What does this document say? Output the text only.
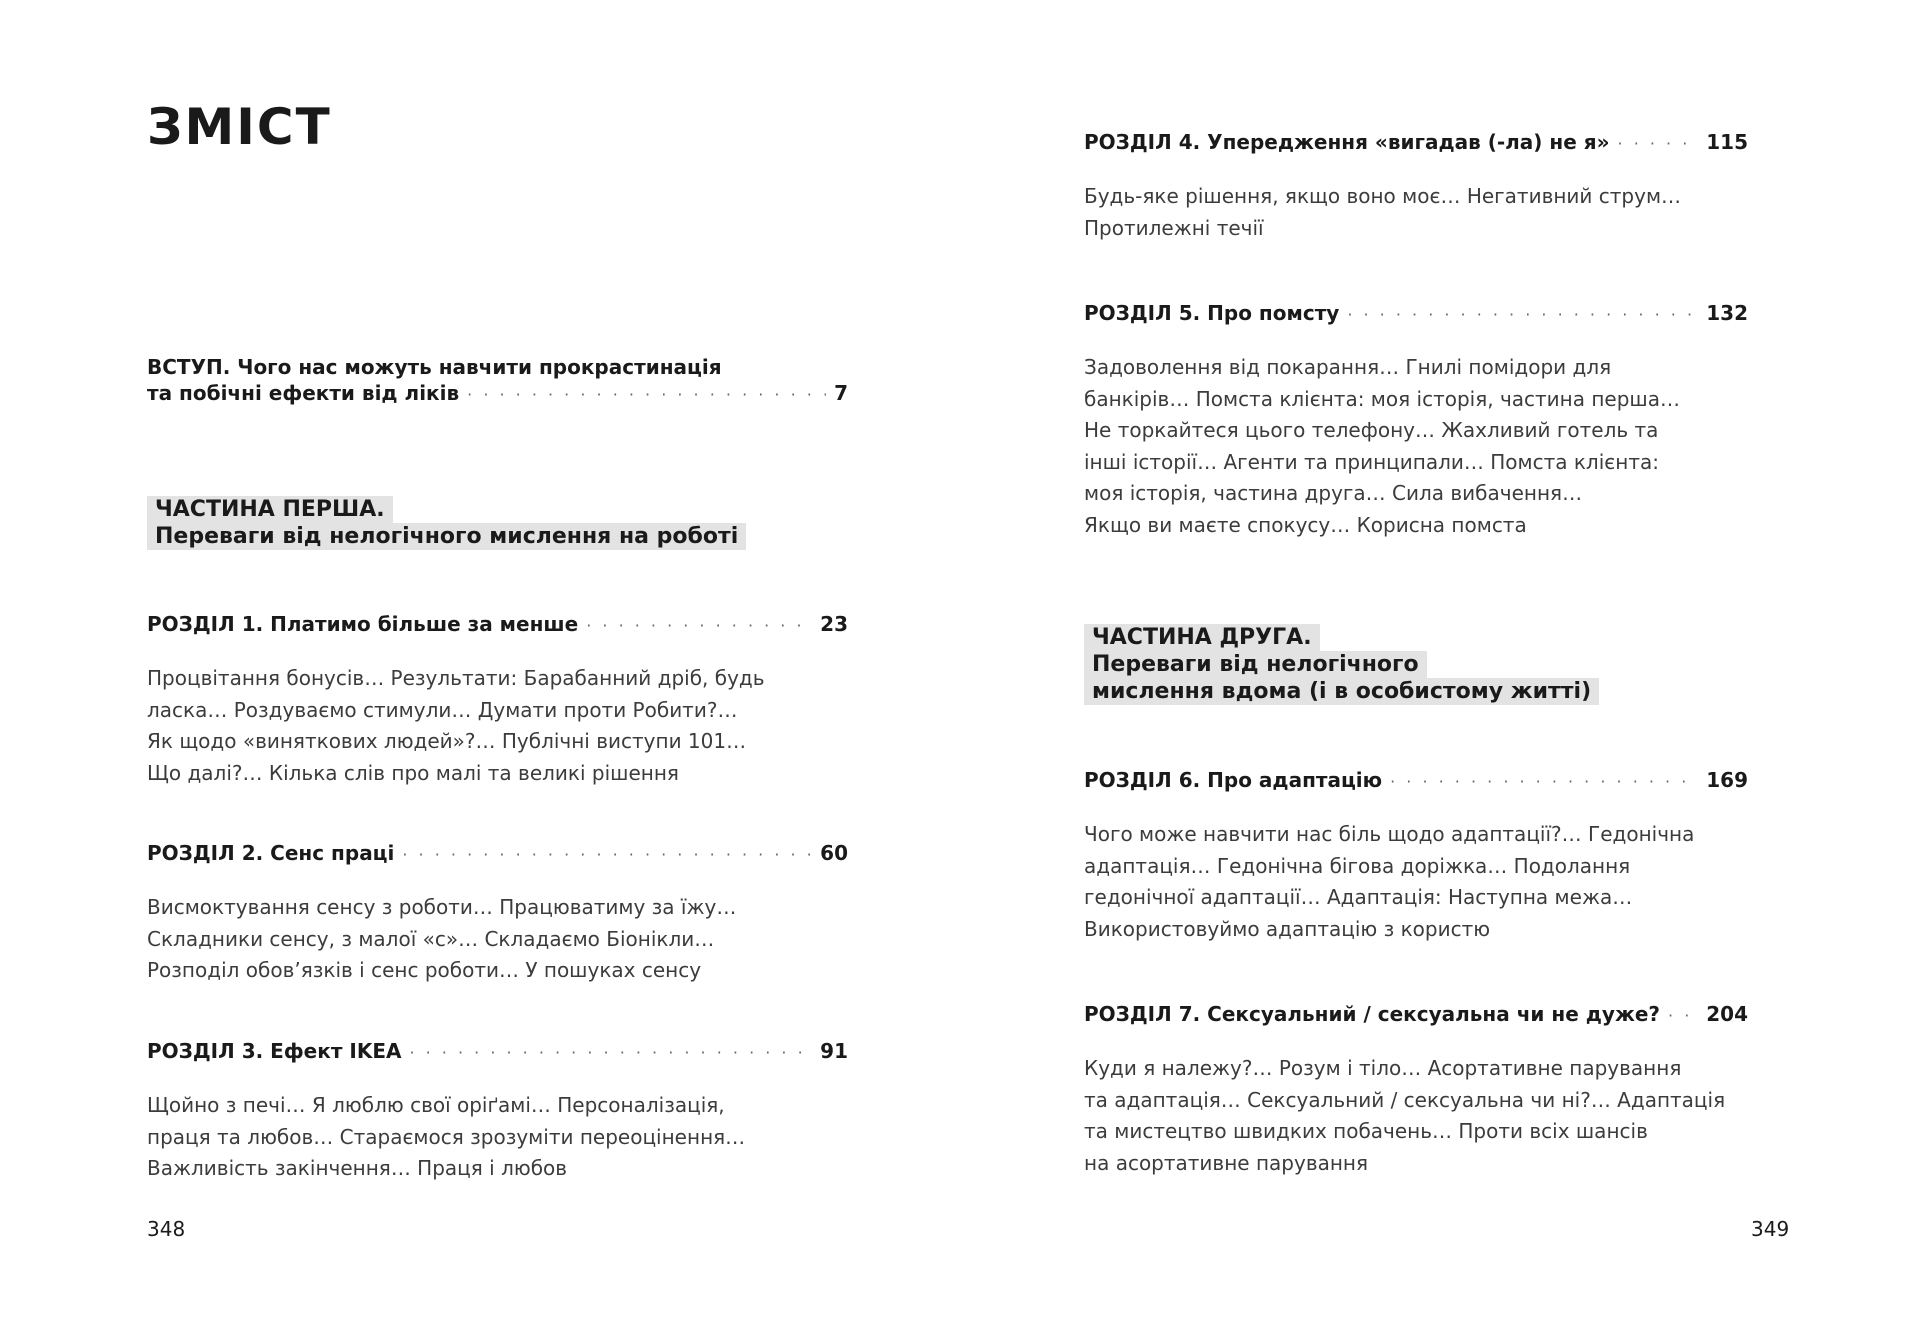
ЗМІСТ
ВСТУП. Чого нас можуть навчити прокрастинація
та побічні ефекти від ліків · · ·	7
ЧАСТИНА ПЕРША.
Переваги від нелогічного мислення на роботі
РОЗДІЛ 1. Платимо більше за менше · · ·	23
Процвітання бонусів… Результати: Барабанний дріб, будь
ласка… Роздуваємо стимули… Думати проти Робити?…
Як щодо «виняткових людей»?… Публічні виступи 101…
Що далі?… Кілька слів про малі та великі рішення
РОЗДІЛ 2. Сенс праці · · ·	60
Висмоктування сенсу з роботи… Працюватиму за їжу…
Складники сенсу, з малої «с»… Складаємо Біонікли…
Розподіл обов’язків і сенс роботи… У пошуках сенсу
РОЗДІЛ 3. Ефект ІKEA · · ·	91
Щойно з печі… Я люблю свої оріґамі… Персоналізація,
праця та любов… Стараємося зрозуміти переоцінення…
Важливість закінчення… Праця і любов
348
РОЗДІЛ 4. Упередження «вигадав (-ла) не я» · · ·	115
Будь-яке рішення, якщо воно моє… Негативний струм…
Протилежні течії
РОЗДІЛ 5. Про помсту · · ·	132
Задоволення від покарання… Гнилі помідори для
банкірів… Помста клієнта: моя історія, частина перша…
Не торкайтеся цього телефону… Жахливий готель та
інші історії… Агенти та принципали… Помста клієнта:
моя історія, частина друга… Сила вибачення…
Якщо ви маєте спокусу… Корисна помста
ЧАСТИНА ДРУГА.
Переваги від нелогічного
мислення вдома (і в особистому житті)
РОЗДІЛ 6. Про адаптацію · · ·	169
Чого може навчити нас біль щодо адаптації?… Гедонічна
адаптація… Гедонічна бігова доріжка… Подолання
гедонічної адаптації… Адаптація: Наступна межа…
Використовуймо адаптацію з користю
РОЗДІЛ 7. Сексуальний / сексуальна чи не дуже? · · · 204
Куди я належу?… Розум і тіло… Асортативне парування
та адаптація… Сексуальний / сексуальна чи ні?… Адаптація
та мистецтво швидких побачень… Проти всіх шансів
на асортативне парування
349
